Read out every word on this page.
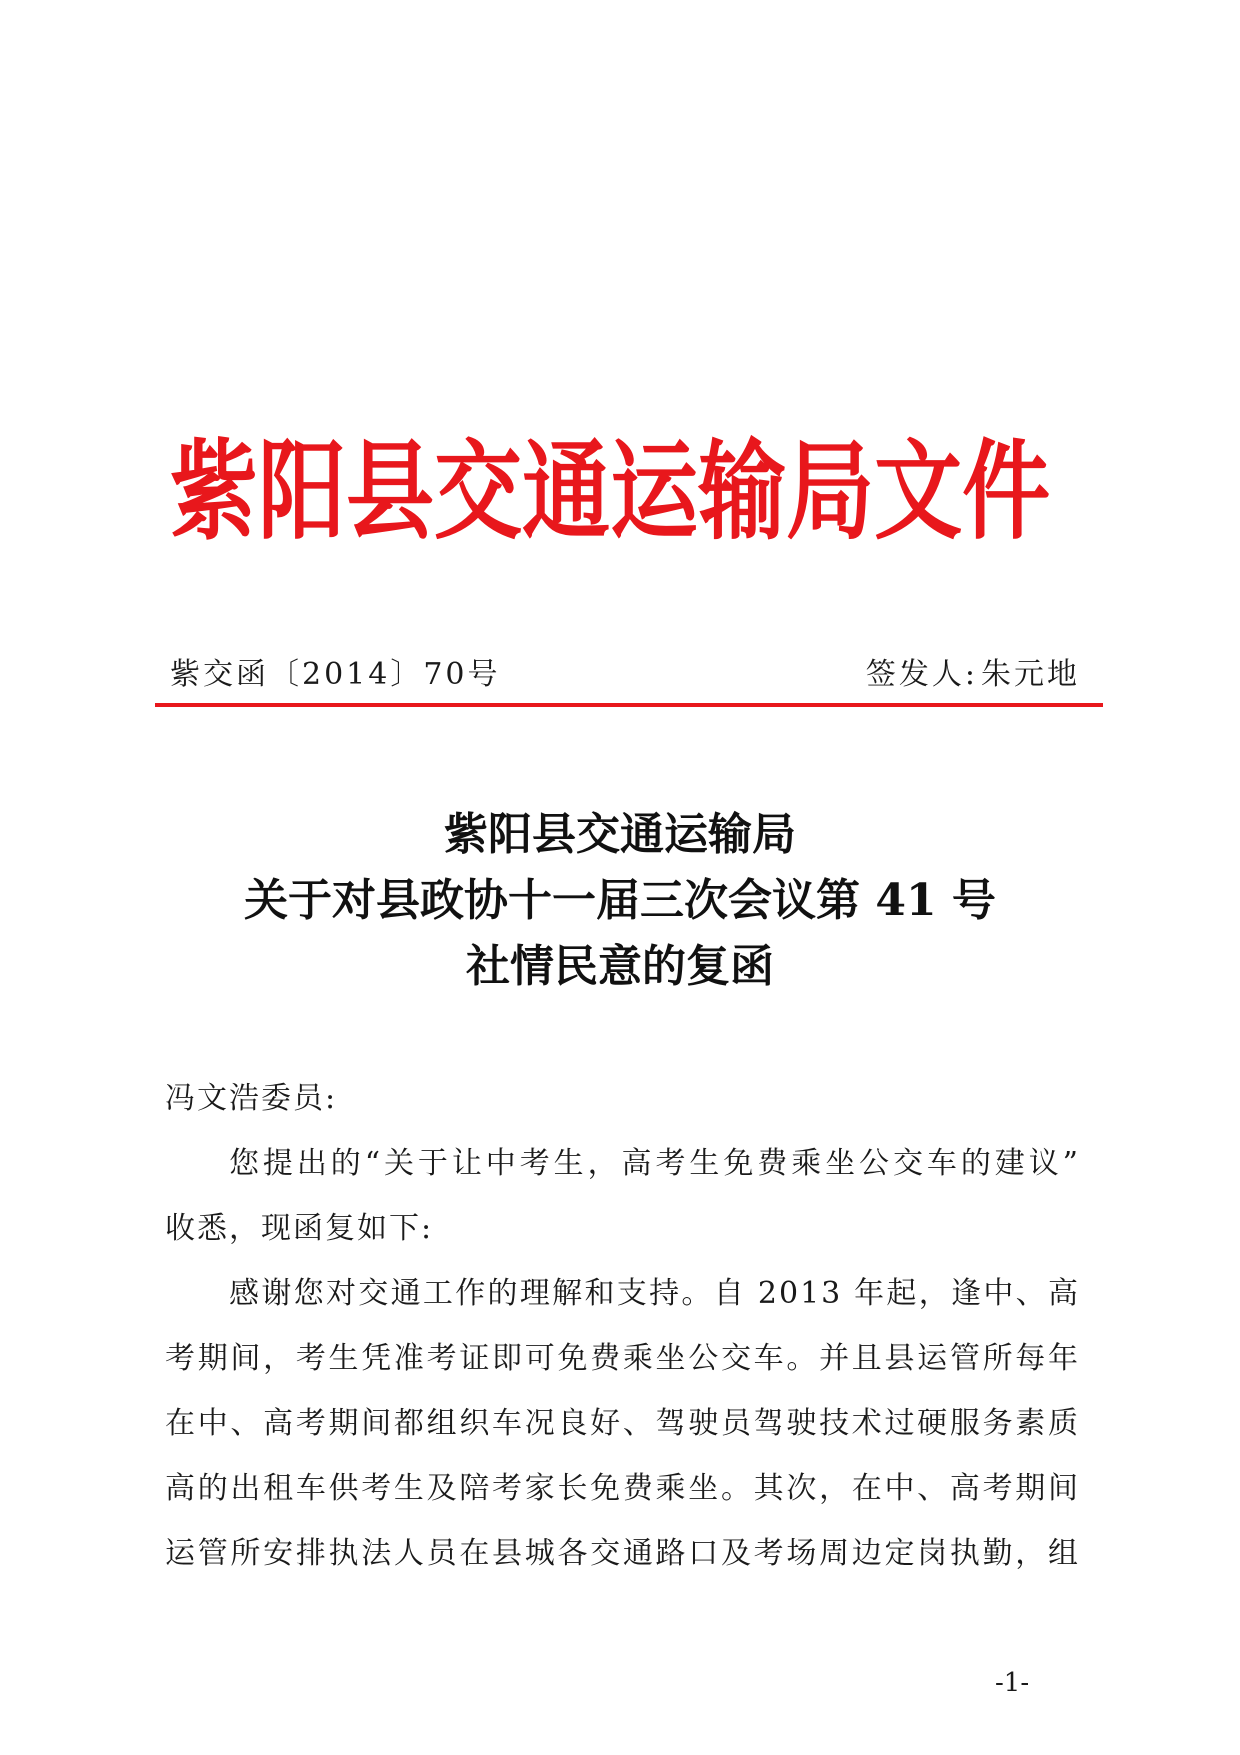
紫 阳 县 交 通 运 输 局 文 件
紫交函〔2014〕70号	签发人: 朱元地
紫阳县交通运输局
关于对县政协十一届三次会议第 41 号
社情民意的复函
冯文浩委员:
您提出的“关于让中考生，高考生免费乘坐公交车的建议”
收悉，现函复如下:
感谢您对交通工作的理解和支持。自 2013 年起，逢中、高
考期间，考生凭准考证即可免费乘坐公交车。并且县运管所每年
在中、高考期间都组织车况良好、驾驶员驾驶技术过硬服务素质
高的出租车供考生及陪考家长免费乘坐。其次，在中、高考期间
运管所安排执法人员在县城各交通路口及考场周边定岗执勤，组
-1-
